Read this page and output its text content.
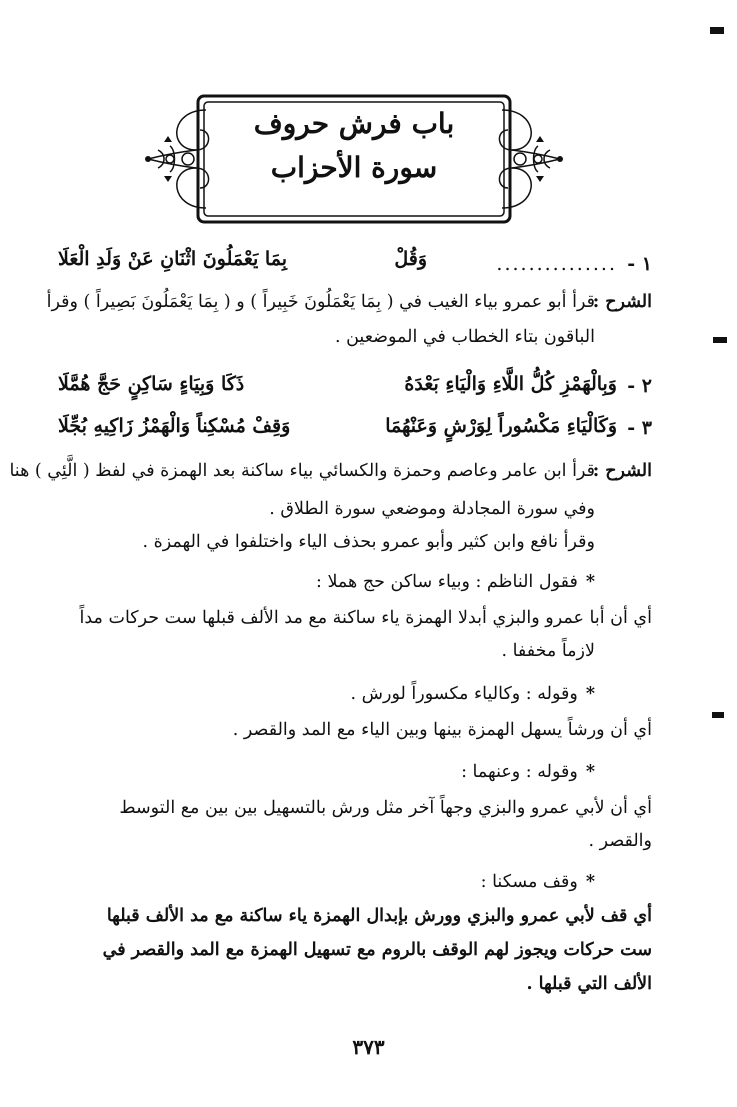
باب فرش حروف
سورة الأحزاب
١ -
...............
وَقُلْ
بِمَا يَعْمَلُونَ اثْنَانِ عَنْ وَلَدِ الْعَلَا
الشرح :
قرأ أبو عمرو بياء الغيب في ( بِمَا يَعْمَلُونَ خَبِيراً ) و ( بِمَا يَعْمَلُونَ بَصِيراً ) وقرأ
الباقون بتاء الخطاب في الموضعين .
٢ -
وَبِالْهَمْزِ كُلُّ اللَّاءِ وَالْيَاءِ بَعْدَهُ
ذَكَا وَبِيَاءٍ سَاكِنٍ حَجَّ هُمَّلَا
٣ -
وَكَالْيَاءِ مَكْسُوراً لِوَرْشٍ وَعَنْهُمَا
وَقِفْ مُسْكِناً وَالْهَمْزُ زَاكِيهِ بُجِّلَا
الشرح :
قرأ ابن عامر وعاصم وحمزة والكسائي بياء ساكنة بعد الهمزة في لفظ ( الَّئِي ) هنا
وفي سورة المجادلة وموضعي سورة الطلاق .
وقرأ نافع وابن كثير وأبو عمرو بحذف الياء واختلفوا في الهمزة .
*فقول الناظم : وبياء ساكن حج هملا :
أي أن أبا عمرو والبزي أبدلا الهمزة ياء ساكنة مع مد الألف قبلها ست حركات مداً
لازماً مخففا .
*وقوله : وكالياء مكسوراً لورش .
أي أن ورشاً يسهل الهمزة بينها وبين الياء مع المد والقصر .
*وقوله : وعنهما :
أي أن لأبي عمرو والبزي وجهاً آخر مثل ورش بالتسهيل بين بين مع التوسط
والقصر .
*وقف مسكنا :
أي قف لأبي عمرو والبزي وورش بإبدال الهمزة ياء ساكنة مع مد الألف قبلها
ست حركات ويجوز لهم الوقف بالروم مع تسهيل الهمزة مع المد والقصر في
الألف التي قبلها .
٣٧٣
